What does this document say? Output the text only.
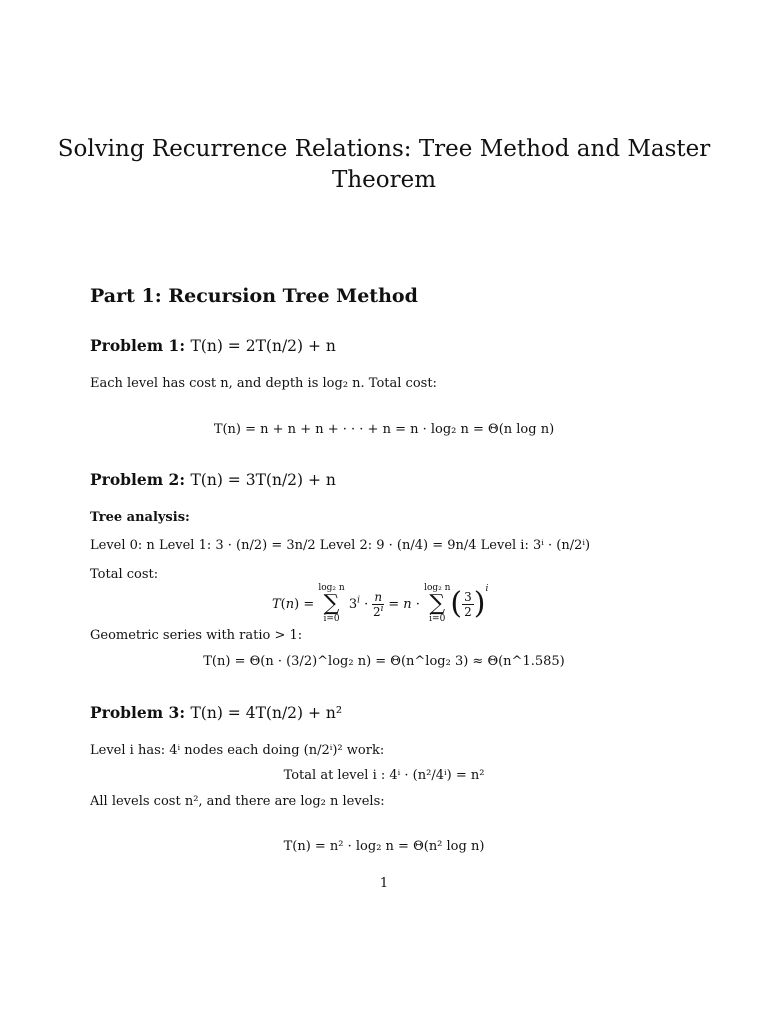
Solving Recurrence Relations: Tree Method and Master
Theorem
Part 1: Recursion Tree Method
Problem 1: T(n) = 2T(n/2) + n
Each level has cost n, and depth is log₂ n. Total cost:
T(n) = n + n + n + · · · + n = n · log₂ n = Θ(n log n)
Problem 2: T(n) = 3T(n/2) + n
Tree analysis:
Level 0: n Level 1: 3 · (n/2) = 3n/2 Level 2: 9 · (n/4) = 9n/4 Level i: 3ⁱ · (n/2ⁱ)
Total cost:
T(n) =
log₂ n
∑
i=0
$3^i \cdot \frac{n}{2^i} = n$ ·
log₂ n
∑
i=0 ( $\frac{3}{2}$ ) i
Geometric series with ratio > 1:
T(n) = Θ(n · (3/2)^log₂ n) = Θ(n^log₂ 3) ≈ Θ(n^1.585)
Problem 3: T(n) = 4T(n/2) + n²
Level i has: 4ⁱ nodes each doing (n/2ⁱ)² work:
Total at level i : 4ⁱ · (n²/4ⁱ) = n²
All levels cost n², and there are log₂ n levels:
T(n) = n² · log₂ n = Θ(n² log n)
1
